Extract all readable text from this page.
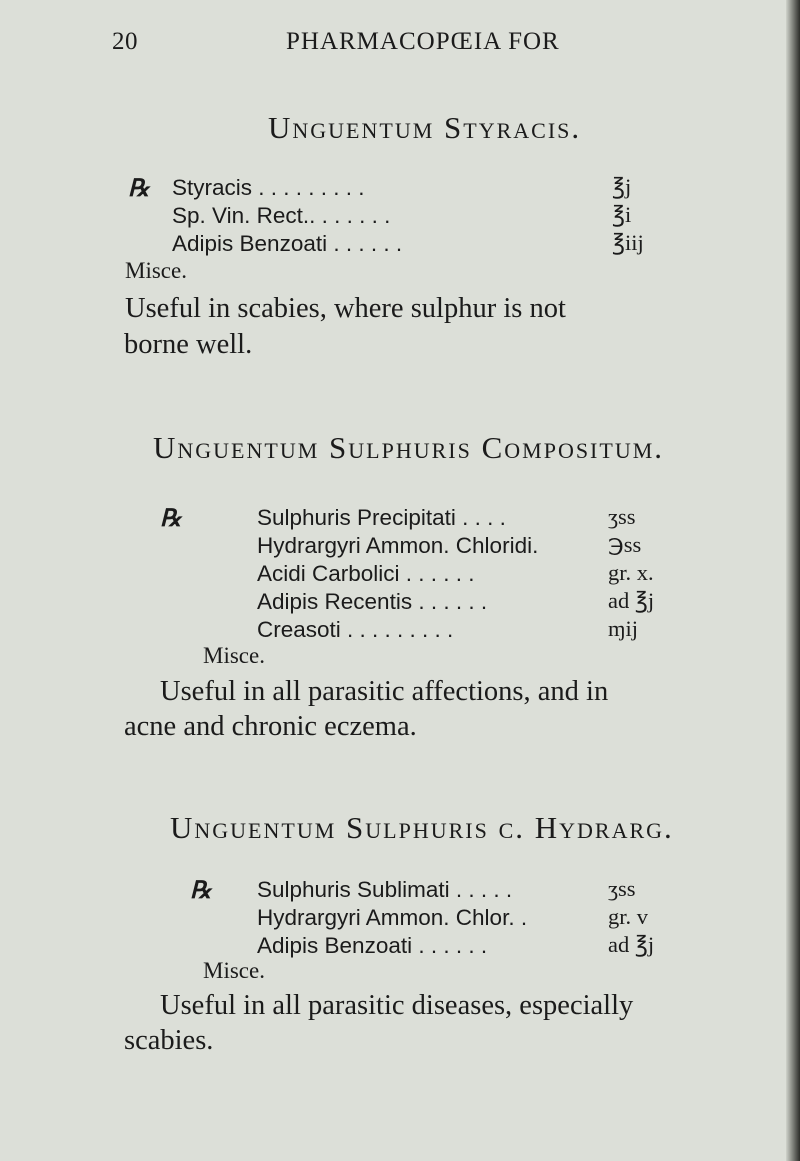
20	PHARMACOPŒIA FOR
Unguentum Styracis.
℞ Styracis . . . . . . . . .	℥j
Sp. Vin. Rect.. . . . . . .	℥i
Adipis Benzoati . . . . . .	℥iij
Misce.
Useful in scabies, where sulphur is not
borne well.
Unguentum Sulphuris Compositum.
℞	Sulphuris Precipitati . . . .	ʒss
Hydrargyri Ammon. Chloridi.	℈ss
Acidi Carbolici . . . . . .	gr. x.
Adipis Recentis . . . . . .	ad ℥j
Creasoti . . . . . . . . .	ɱij
Misce.
Useful in all parasitic affections, and in
acne and chronic eczema.
Unguentum Sulphuris c. Hydrarg.
℞ Sulphuris Sublimati . . . . .	ʒss
Hydrargyri Ammon. Chlor. .	gr. v
Adipis Benzoati . . . . . .	ad ℥j
Misce.
Useful in all parasitic diseases, especially
scabies.
